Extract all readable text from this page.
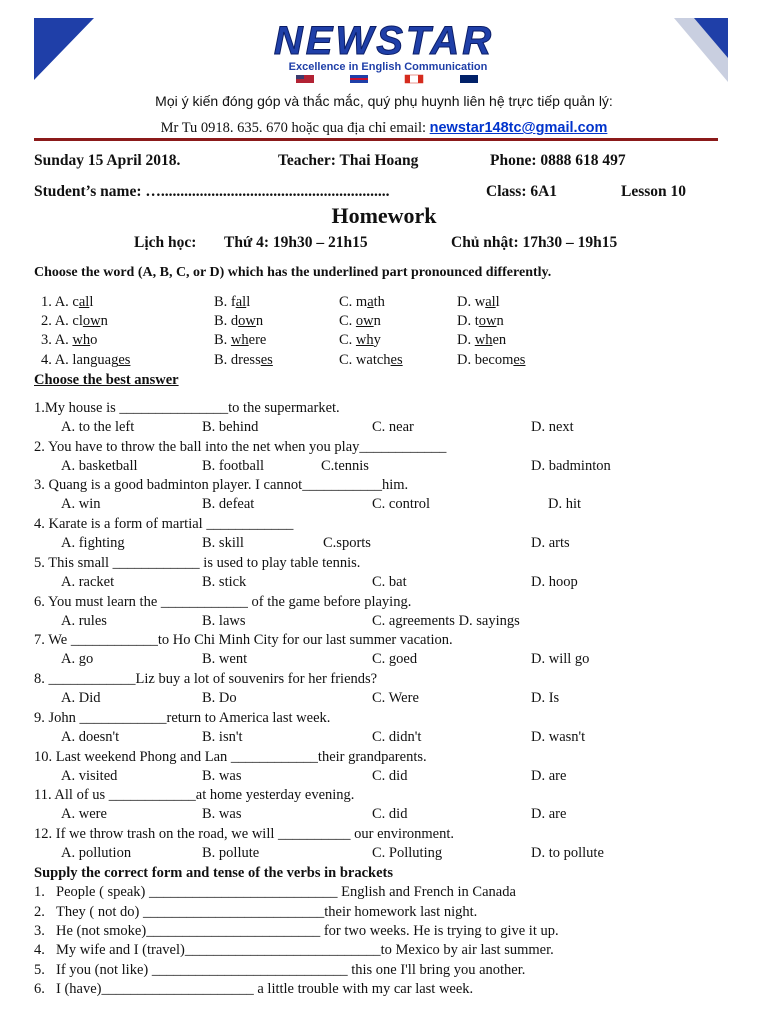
NEWSTAR
Excellence in English Communication
Mọi ý kiến đóng góp và thắc mắc, quý phụ huynh liên hệ trực tiếp quản lý:
Mr Tu 0918. 635. 670 hoặc qua địa chỉ email: newstar148tc@gmail.com
Sunday 15 April 2018.	Teacher: Thai Hoang	Phone: 0888 618 497
Student’s name: …...........................................................	Class: 6A1	Lesson 10
Homework
Lịch học: Thứ 4: 19h30 – 21h15	Chủ nhật: 17h30 – 19h15
Choose the word (A, B, C, or D) which has the underlined part pronounced differently.
1. A. call	B. fall	C. math	D. wall
2. A. clown	B. down	C. own	D. town
3. A. who	B. where	C. why	D. when
4. A. languages	B. dresses	C. watches	D. becomes
Choose the best answer
1.My house is _______________to the supermarket.
A. to the left	B. behind	C. near	D. next
2. You have to throw the ball into the net when you play____________
A. basketball	B. football	C.tennis	D. badminton
3. Quang is a good badminton player. I cannot___________him.
A. win	B. defeat	C. control	D. hit
4. Karate is a form of martial ____________
A. fighting	B. skill	C.sports	D. arts
5. This small ____________ is used to play table tennis.
A. racket	B. stick	C. bat	D. hoop
6. You must learn the ____________ of the game before playing.
A. rules	B. laws	C. agreements D. sayings
7. We ____________to Ho Chi Minh City for our last summer vacation.
A. go	B. went	C. goed	D. will go
8. ____________Liz buy a lot of souvenirs for her friends?
A. Did	B. Do	C. Were	D. Is
9. John ____________return to America last week.
A. doesn't	B. isn't	C. didn't	D. wasn't
10. Last weekend Phong and Lan ____________their grandparents.
A. visited	B. was	C. did	D. are
11. All of us ____________at home yesterday evening.
A. were	B. was	C. did	D. are
12. If we throw trash on the road, we will __________ our environment.
A. pollution	B. pollute	C. Polluting	D. to pollute
Supply the correct form and tense of the verbs in brackets
1. People ( speak) __________________________ English and French in Canada
2. They ( not do) _________________________their homework last night.
3. He (not smoke)________________________ for two weeks. He is trying to give it up.
4. My wife and I (travel)___________________________to Mexico by air last summer.
5. If you (not like) ___________________________ this one I'll bring you another.
6. I (have)_____________________ a little trouble with my car last week.
